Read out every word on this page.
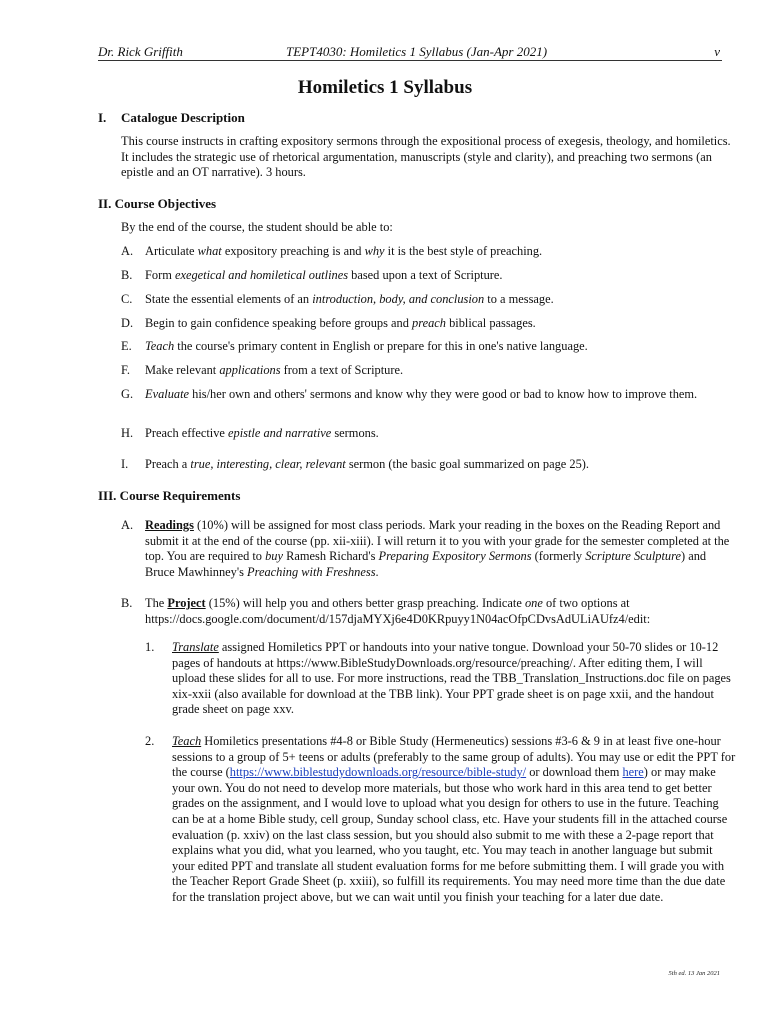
Dr. Rick Griffith	TEPT4030: Homiletics 1 Syllabus (Jan-Apr 2021)	v
Homiletics 1 Syllabus
I. Catalogue Description
This course instructs in crafting expository sermons through the expositional process of exegesis, theology, and homiletics. It includes the strategic use of rhetorical argumentation, manuscripts (style and clarity), and preaching two sermons (an epistle and an OT narrative). 3 hours.
II. Course Objectives
By the end of the course, the student should be able to:
A. Articulate what expository preaching is and why it is the best style of preaching.
B. Form exegetical and homiletical outlines based upon a text of Scripture.
C. State the essential elements of an introduction, body, and conclusion to a message.
D. Begin to gain confidence speaking before groups and preach biblical passages.
E. Teach the course's primary content in English or prepare for this in one's native language.
F. Make relevant applications from a text of Scripture.
G. Evaluate his/her own and others' sermons and know why they were good or bad to know how to improve them.
H. Preach effective epistle and narrative sermons.
I. Preach a true, interesting, clear, relevant sermon (the basic goal summarized on page 25).
III. Course Requirements
A. Readings (10%) will be assigned for most class periods. Mark your reading in the boxes on the Reading Report and submit it at the end of the course (pp. xii-xiii). I will return it to you with your grade for the semester completed at the top. You are required to buy Ramesh Richard's Preparing Expository Sermons (formerly Scripture Sculpture) and Bruce Mawhinney's Preaching with Freshness.
B. The Project (15%) will help you and others better grasp preaching. Indicate one of two options at https://docs.google.com/document/d/157djaMYXj6e4D0KRpuyy1N04acOfpCDvsAdULiAUfz4/edit:
1. Translate assigned Homiletics PPT or handouts into your native tongue. Download your 50-70 slides or 10-12 pages of handouts at https://www.BibleStudyDownloads.org/resource/preaching/. After editing them, I will upload these slides for all to use. For more instructions, read the TBB_Translation_Instructions.doc file on pages xix-xxii (also available for download at the TBB link). Your PPT grade sheet is on page xxii, and the handout grade sheet on page xxv.
2. Teach Homiletics presentations #4-8 or Bible Study (Hermeneutics) sessions #3-6 & 9 in at least five one-hour sessions to a group of 5+ teens or adults (preferably to the same group of adults). You may use or edit the PPT for the course (https://www.biblestudydownloads.org/resource/bible-study/ or download them here) or may make your own. You do not need to develop more materials, but those who work hard in this area tend to get better grades on the assignment, and I would love to upload what you design for others to use in the future. Teaching can be at a home Bible study, cell group, Sunday school class, etc. Have your students fill in the attached course evaluation (p. xxiv) on the last class session, but you should also submit to me with these a 2-page report that explains what you did, what you learned, who you taught, etc. You may teach in another language but submit your edited PPT and translate all student evaluation forms for me before submitting them. I will grade you with the Teacher Report Grade Sheet (p. xxiii), so fulfill its requirements. You may need more time than the due date for the translation project above, but we can wait until you finish your teaching for a later due date.
5th ed. 13 Jan 2021
